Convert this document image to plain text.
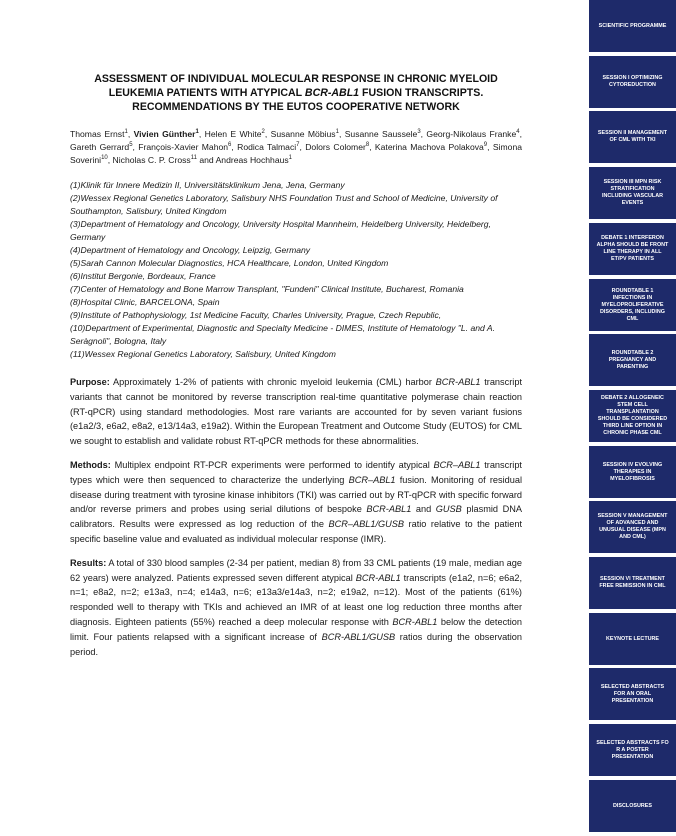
ASSESSMENT OF INDIVIDUAL MOLECULAR RESPONSE IN CHRONIC MYELOID LEUKEMIA PATIENTS WITH ATYPICAL BCR-ABL1 FUSION TRANSCRIPTS. RECOMMENDATIONS BY THE EUTOS COOPERATIVE NETWORK
Thomas Ernst$^1$, Vivien Günther$^1$, Helen E White$^2$, Susanne Möbius$^1$, Susanne Saussele$^3$, Georg-Nikolaus Franke$^4$, Gareth Gerrard$^5$, François-Xavier Mahon$^6$, Rodica Talmaci$^7$, Dolors Colomer$^8$, Katerina Machova Polakova$^9$, Simona Soverini$^{10}$, Nicholas C. P. Cross$^{11}$ and Andreas Hochhaus$^1$

(1)Klinik für Innere Medizin II, Universitätsklinikum Jena, Jena, Germany

(2)Wessex Regional Genetics Laboratory, Salisbury NHS Foundation Trust and School of Medicine, University of Southampton, Salisbury, United Kingdom

(3)Department of Hematology and Oncology, University Hospital Mannheim, Heidelberg University, Heidelberg, Germany

(4)Department of Hematology and Oncology, Leipzig, Germany

(5)Sarah Cannon Molecular Diagnostics, HCA Healthcare, London, United Kingdom

(6)Institut Bergonie, Bordeaux, France

(7)Center of Hematology and Bone Marrow Transplant, "Fundeni" Clinical Institute, Bucharest, Romania

(8)Hospital Clinic, BARCELONA, Spain

(9)Institute of Pathophysiology, 1st Medicine Faculty, Charles University, Prague, Czech Republic,

(10)Department of Experimental, Diagnostic and Specialty Medicine - DIMES, Institute of Hematology "L. and A. Seràgnoli", Bologna, Italy

(11)Wessex Regional Genetics Laboratory, Salisbury, United Kingdom

Purpose: Approximately 1-2% of patients with chronic myeloid leukemia (CML) harbor BCR-ABL1 transcript variants that cannot be monitored by reverse transcription real-time quantitative polymerase chain reaction (RT-qPCR) using standard methodologies. Most rare variants are accounted for by seven variant fusions (e1a2/3, e6a2, e8a2, e13/14a3, e19a2). Within the European Treatment and Outcome Study (EUTOS) for CML we sought to establish and validate robust RT-qPCR methods for these abnormalities.

Methods: Multiplex endpoint RT-PCR experiments were performed to identify atypical BCR–ABL1 transcript types which were then sequenced to characterize the underlying BCR–ABL1 fusion. Monitoring of residual disease during treatment with tyrosine kinase inhibitors (TKI) was carried out by RT-qPCR with specific forward and/or reverse primers and probes using serial dilutions of bespoke BCR-ABL1 and GUSB plasmid DNA calibrators. Results were expressed as log reduction of the BCR–ABL1/GUSB ratio relative to the patient specific baseline value and evaluated as individual molecular response (IMR).

Results: A total of 330 blood samples (2-34 per patient, median 8) from 33 CML patients (19 male, median age 62 years) were analyzed. Patients expressed seven different atypical BCR-ABL1 transcripts (e1a2, n=6; e6a2, n=1; e8a2, n=2; e13a3, n=4; e14a3, n=6; e13a3/e14a3, n=2; e19a2, n=12). Most of the patients (61%) responded well to therapy with TKIs and achieved an IMR of at least one log reduction three months after diagnosis. Eighteen patients (55%) reached a deep molecular response with BCR-ABL1 below the detection limit. Four patients relapsed with a significant increase of BCR-ABL1/GUSB ratios during the observation period.

SCIENTIFIC PROGRAMME
SESSION I OPTIMIZING CYTOREDUCTION
SESSION II MANAGEMENT OF CML WITH TKI
SESSION III MPN RISK STRATIFICATION INCLUDING VASCULAR EVENTS
DEBATE 1 INTERFERON ALPHA SHOULD BE FRONT LINE THERAPY IN ALL ET/PV PATIENTS
ROUNDTABLE 1 INFECTIONS IN MYELOPROLIFERATIVE DISORDERS, INCLUDING CML
ROUNDTABLE 2 PREGNANCY AND PARENTING
DEBATE 2 ALLOGENEIC STEM CELL TRANSPLANTATION SHOULD BE CONSIDERED THIRD LINE OPTION IN CHRONIC PHASE CML
SESSION IV EVOLVING THERAPIES IN MYELOFIBROSIS
SESSION V MANAGEMENT OF ADVANCED AND UNUSUAL DISEASE (MPN AND CML)
SESSION VI TREATMENT FREE REMISSION IN CML
KEYNOTE LECTURE
SELECTED ABSTRACTS FOR AN ORAL PRESENTATION
SELECTED ABSTRACTS FO R A POSTER PRESENTATION
DISCLOSURES
